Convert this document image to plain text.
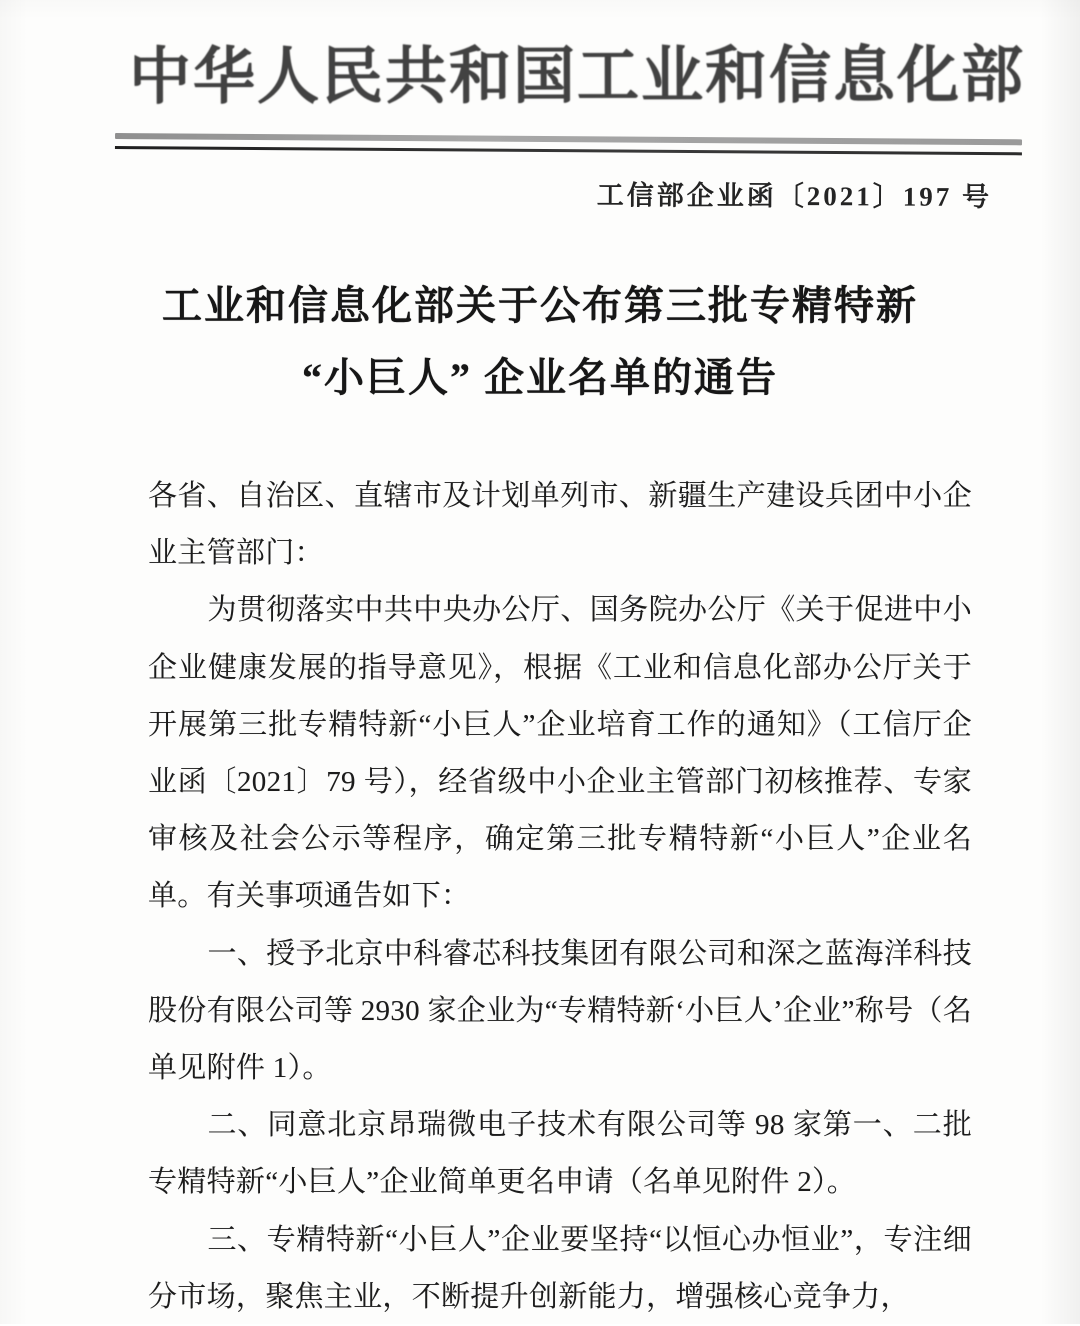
中华人民共和国工业和信息化部
工信部企业函〔2021〕197 号
工业和信息化部关于公布第三批专精特新
“小巨人” 企业名单的通告

各省、自治区、直辖市及计划单列市、新疆生产建设兵团中小企业主管部门：

为贯彻落实中共中央办公厅、国务院办公厅《关于促进中小企业健康发展的指导意见》，根据《工业和信息化部办公厅关于开展第三批专精特新“小巨人”企业培育工作的通知》（工信厅企业函〔2021〕79 号），经省级中小企业主管部门初核推荐、专家审核及社会公示等程序，确定第三批专精特新“小巨人”企业名单。有关事项通告如下：

一、授予北京中科睿芯科技集团有限公司和深之蓝海洋科技股份有限公司等 2930 家企业为“专精特新‘小巨人’企业”称号（名单见附件 1）。

二、同意北京昂瑞微电子技术有限公司等 98 家第一、二批专精特新“小巨人”企业简单更名申请（名单见附件 2）。

三、专精特新“小巨人”企业要坚持“以恒心办恒业”，专注细分市场，聚焦主业，不断提升创新能力，增强核心竞争力，
